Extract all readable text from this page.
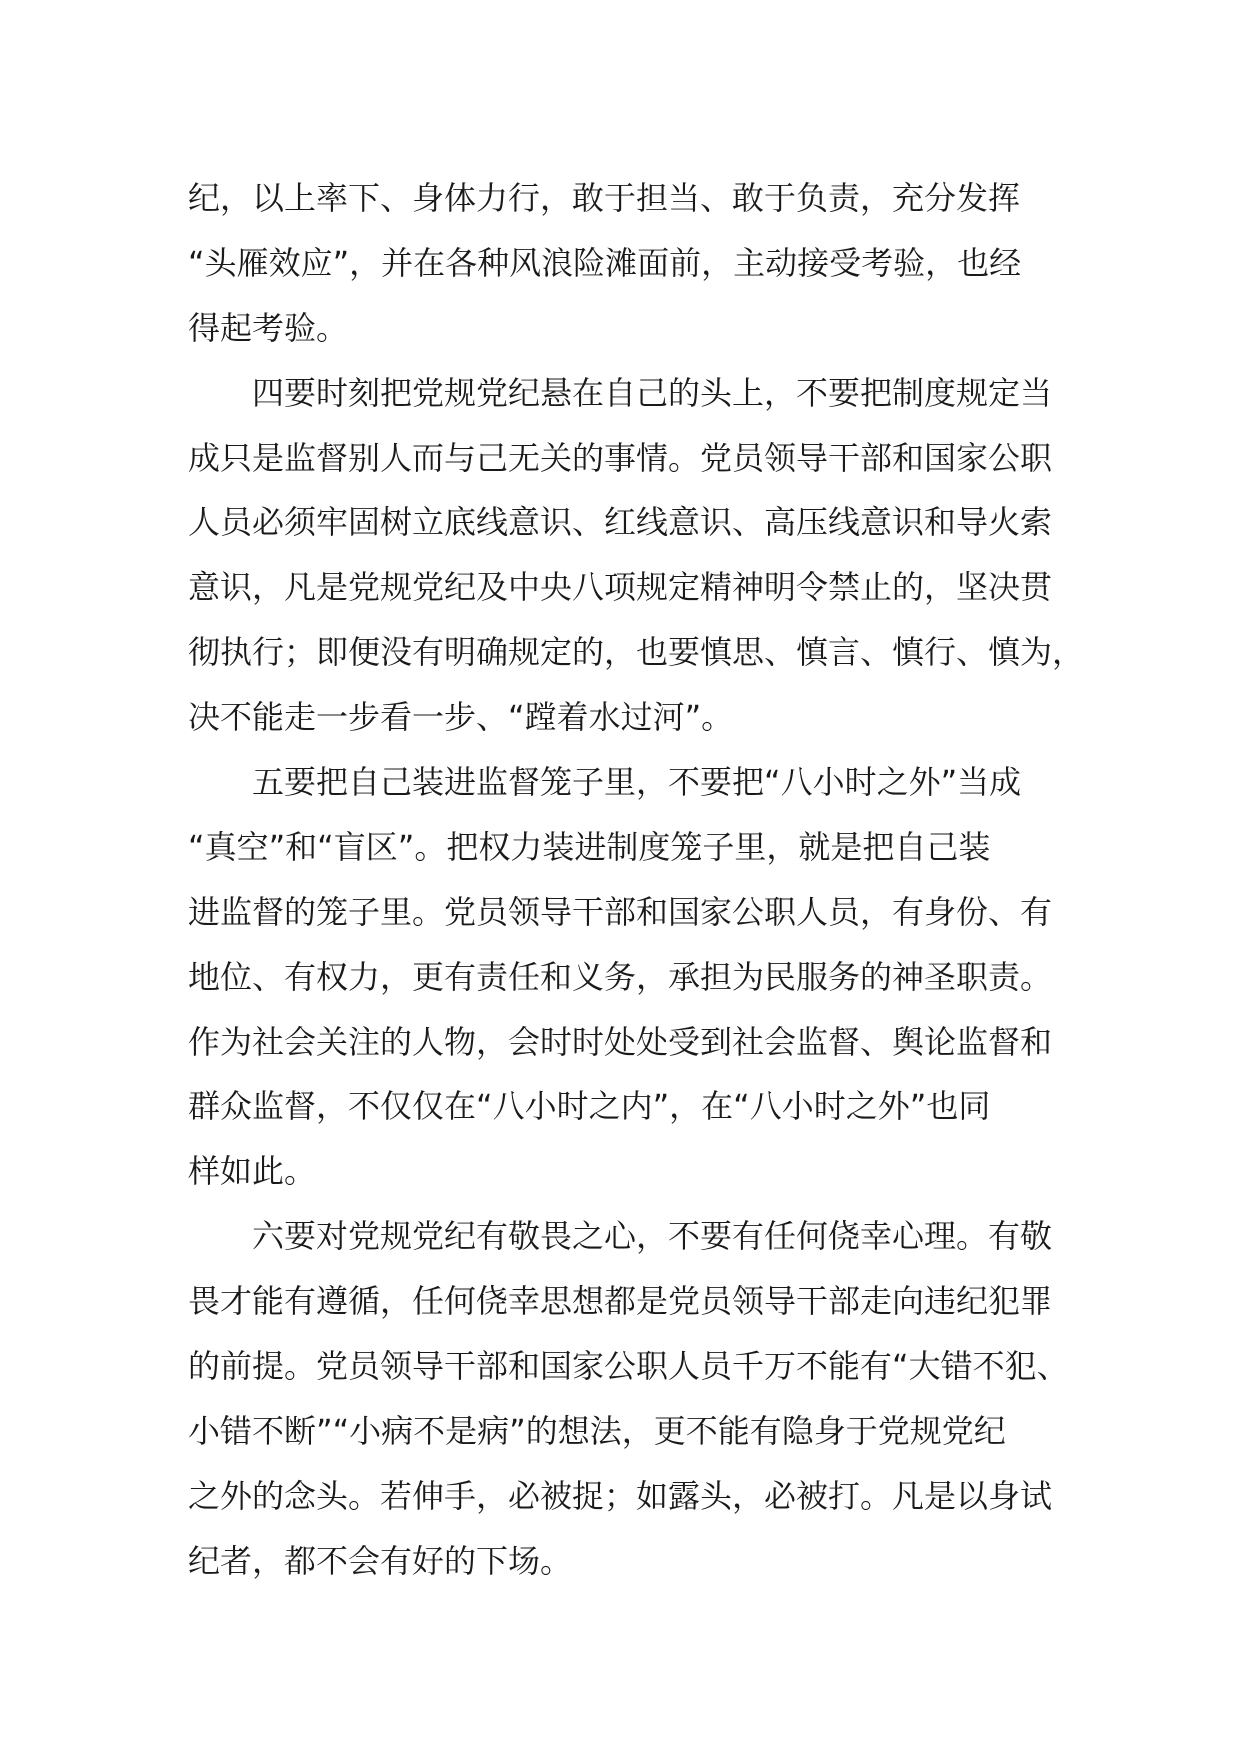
纪，以上率下、身体力行，敢于担当、敢于负责，充分发挥
“头雁效应”，并在各种风浪险滩面前，主动接受考验，也经
得起考验。
四要时刻把党规党纪悬在自己的头上，不要把制度规定当
成只是监督别人而与己无关的事情。党员领导干部和国家公职
人员必须牢固树立底线意识、红线意识、高压线意识和导火索
意识，凡是党规党纪及中央八项规定精神明令禁止的，坚决贯
彻执行；即便没有明确规定的，也要慎思、慎言、慎行、慎为，
决不能走一步看一步、“蹚着水过河”。
五要把自己装进监督笼子里，不要把“八小时之外”当成
“真空”和“盲区”。把权力装进制度笼子里，就是把自己装
进监督的笼子里。党员领导干部和国家公职人员，有身份、有
地位、有权力，更有责任和义务，承担为民服务的神圣职责。
作为社会关注的人物，会时时处处受到社会监督、舆论监督和
群众监督，不仅仅在“八小时之内”，在“八小时之外”也同
样如此。
六要对党规党纪有敬畏之心，不要有任何侥幸心理。有敬
畏才能有遵循，任何侥幸思想都是党员领导干部走向违纪犯罪
的前提。党员领导干部和国家公职人员千万不能有“大错不犯、
小错不断”“小病不是病”的想法，更不能有隐身于党规党纪
之外的念头。若伸手，必被捉；如露头，必被打。凡是以身试
纪者，都不会有好的下场。
